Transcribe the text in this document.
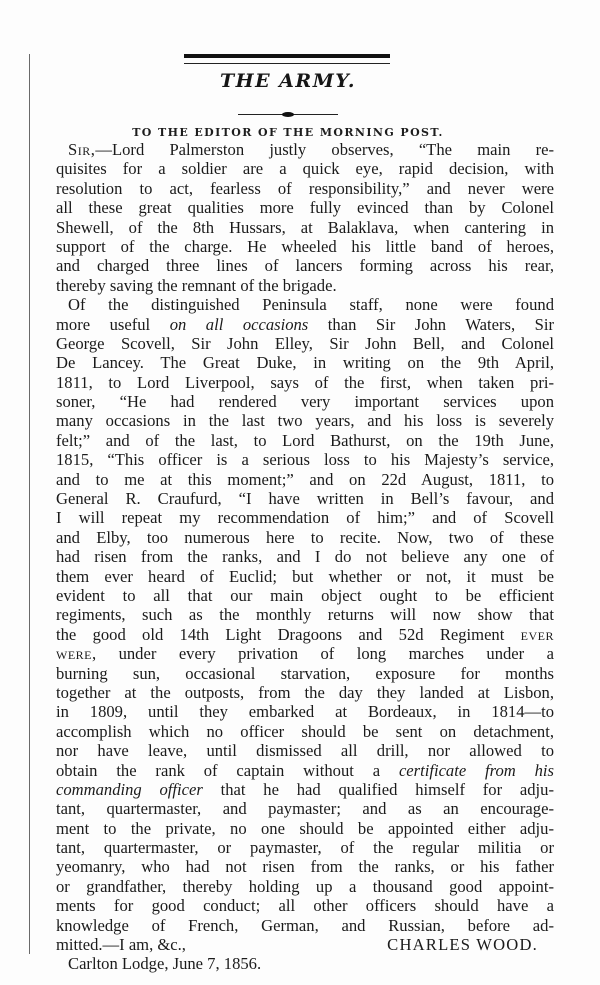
THE ARMY.
TO THE EDITOR OF THE MORNING POST.
Sir,—Lord Palmerston justly observes, “The main re-
quisites for a soldier are a quick eye, rapid decision, with
resolution to act, fearless of responsibility,” and never were
all these great qualities more fully evinced than by Colonel
Shewell, of the 8th Hussars, at Balaklava, when cantering in
support of the charge. He wheeled his little band of heroes,
and charged three lines of lancers forming across his rear,
thereby saving the remnant of the brigade.
Of the distinguished Peninsula staff, none were found
more useful on all occasions than Sir John Waters, Sir
George Scovell, Sir John Elley, Sir John Bell, and Colonel
De Lancey. The Great Duke, in writing on the 9th April,
1811, to Lord Liverpool, says of the first, when taken pri-
soner, “He had rendered very important services upon
many occasions in the last two years, and his loss is severely
felt;” and of the last, to Lord Bathurst, on the 19th June,
1815, “This officer is a serious loss to his Majesty’s service,
and to me at this moment;” and on 22d August, 1811, to
General R. Craufurd, “I have written in Bell’s favour, and
I will repeat my recommendation of him;” and of Scovell
and Elby, too numerous here to recite. Now, two of these
had risen from the ranks, and I do not believe any one of
them ever heard of Euclid; but whether or not, it must be
evident to all that our main object ought to be efficient
regiments, such as the monthly returns will now show that
the good old 14th Light Dragoons and 52d Regiment ever
were, under every privation of long marches under a
burning sun, occasional starvation, exposure for months
together at the outposts, from the day they landed at Lisbon,
in 1809, until they embarked at Bordeaux, in 1814—to
accomplish which no officer should be sent on detachment,
nor have leave, until dismissed all drill, nor allowed to
obtain the rank of captain without a certificate from his
commanding officer that he had qualified himself for adju-
tant, quartermaster, and paymaster; and as an encourage-
ment to the private, no one should be appointed either adju-
tant, quartermaster, or paymaster, of the regular militia or
yeomanry, who had not risen from the ranks, or his father
or grandfather, thereby holding up a thousand good appoint-
ments for good conduct; all other officers should have a
knowledge of French, German, and Russian, before ad-
mitted.—I am, &c.,	CHARLES WOOD.
Carlton Lodge, June 7, 1856.
